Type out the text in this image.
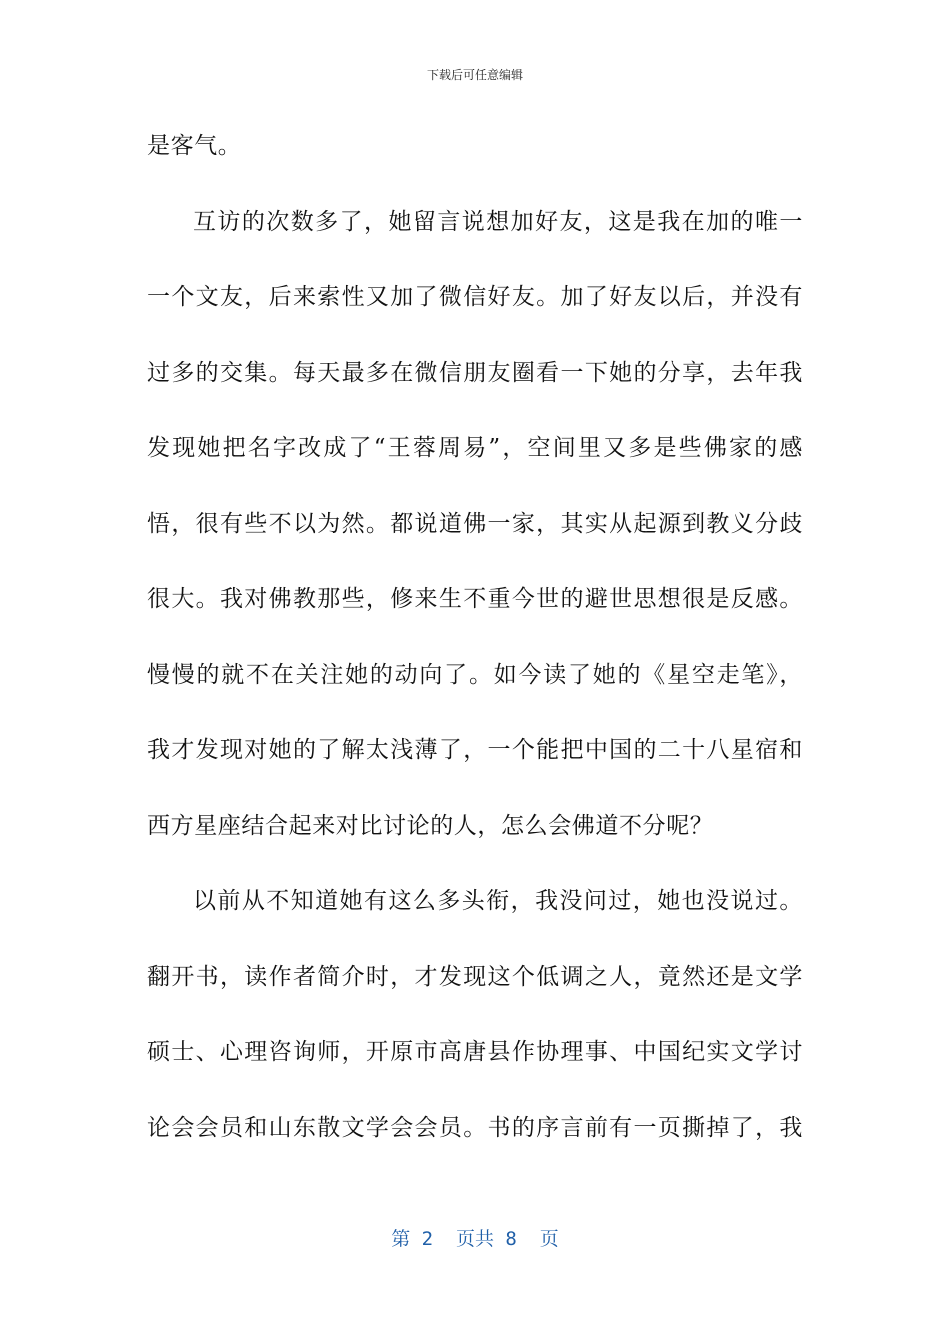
下载后可任意编辑
是客气。
互访的次数多了，她留言说想加好友，这是我在加的唯一
一个文友，后来索性又加了微信好友。加了好友以后，并没有
过多的交集。每天最多在微信朋友圈看一下她的分享，去年我
发现她把名字改成了“王蓉周易”，空间里又多是些佛家的感
悟，很有些不以为然。都说道佛一家，其实从起源到教义分歧
很大。我对佛教那些，修来生不重今世的避世思想很是反感。
慢慢的就不在关注她的动向了。如今读了她的《星空走笔》，
我才发现对她的了解太浅薄了，一个能把中国的二十八星宿和
西方星座结合起来对比讨论的人，怎么会佛道不分呢？
以前从不知道她有这么多头衔，我没问过，她也没说过。
翻开书，读作者简介时，才发现这个低调之人，竟然还是文学
硕士、心理咨询师，开原市高唐县作协理事、中国纪实文学讨
论会会员和山东散文学会会员。书的序言前有一页撕掉了，我
第 2  页共 8  页
